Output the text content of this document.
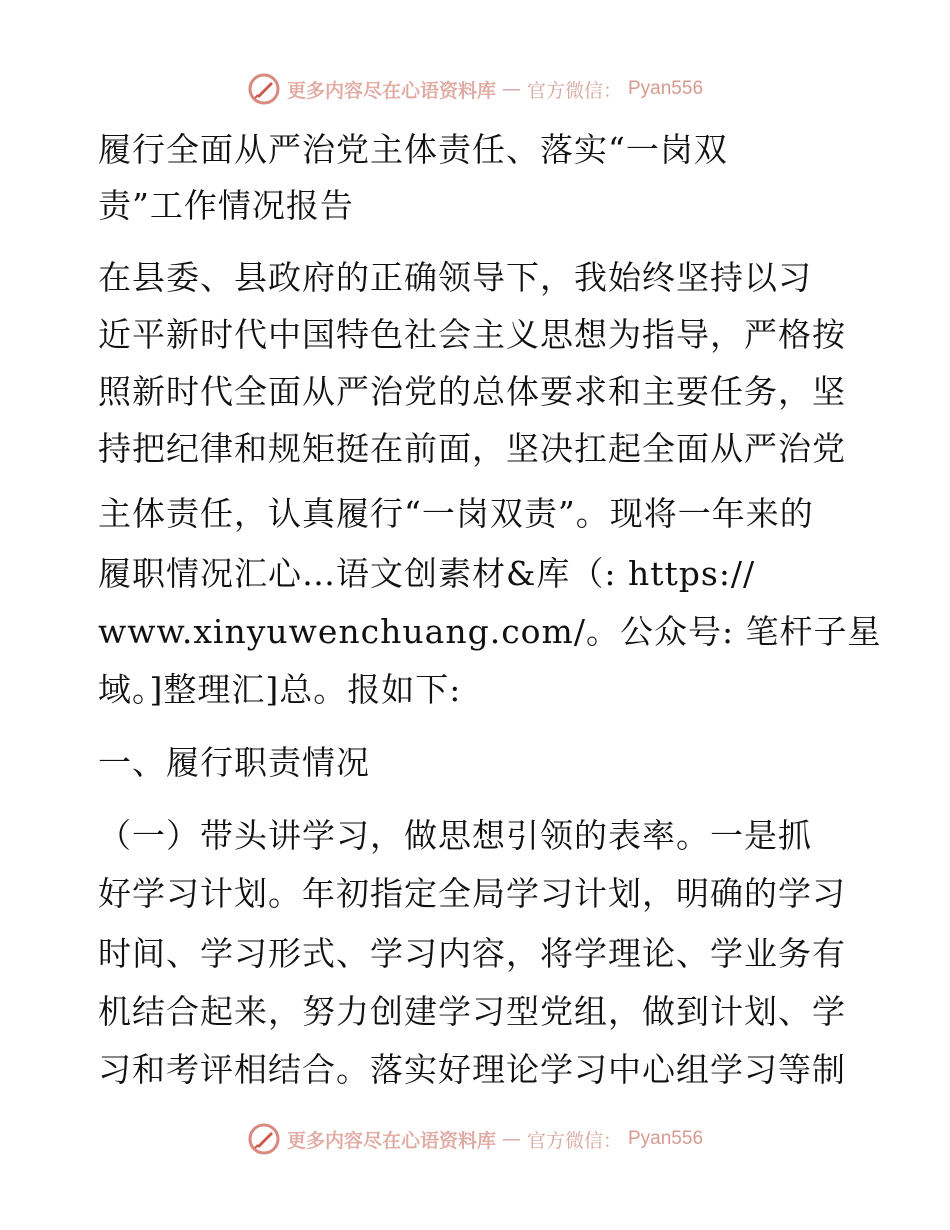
更多内容尽在心语资料库 — 官方微信： Pyan556
履行全面从严治党主体责任、落实“一岗双
责”工作情况报告
在县委、县政府的正确领导下，我始终坚持以习
近平新时代中国特色社会主义思想为指导，严格按
照新时代全面从严治党的总体要求和主要任务，坚
持把纪律和规矩挺在前面，坚决扛起全面从严治党
主体责任，认真履行“一岗双责”。现将一年来的
履职情况汇心…语文创素材&库（: https://
www.xinyuwenchuang.com/。公众号: 笔杆子星
域。]整理汇]总。报如下:
一、履行职责情况
（一）带头讲学习，做思想引领的表率。一是抓
好学习计划。年初指定全局学习计划，明确的学习
时间、学习形式、学习内容，将学理论、学业务有
机结合起来，努力创建学习型党组，做到计划、学
习和考评相结合。落实好理论学习中心组学习等制
更多内容尽在心语资料库 — 官方微信： Pyan556
